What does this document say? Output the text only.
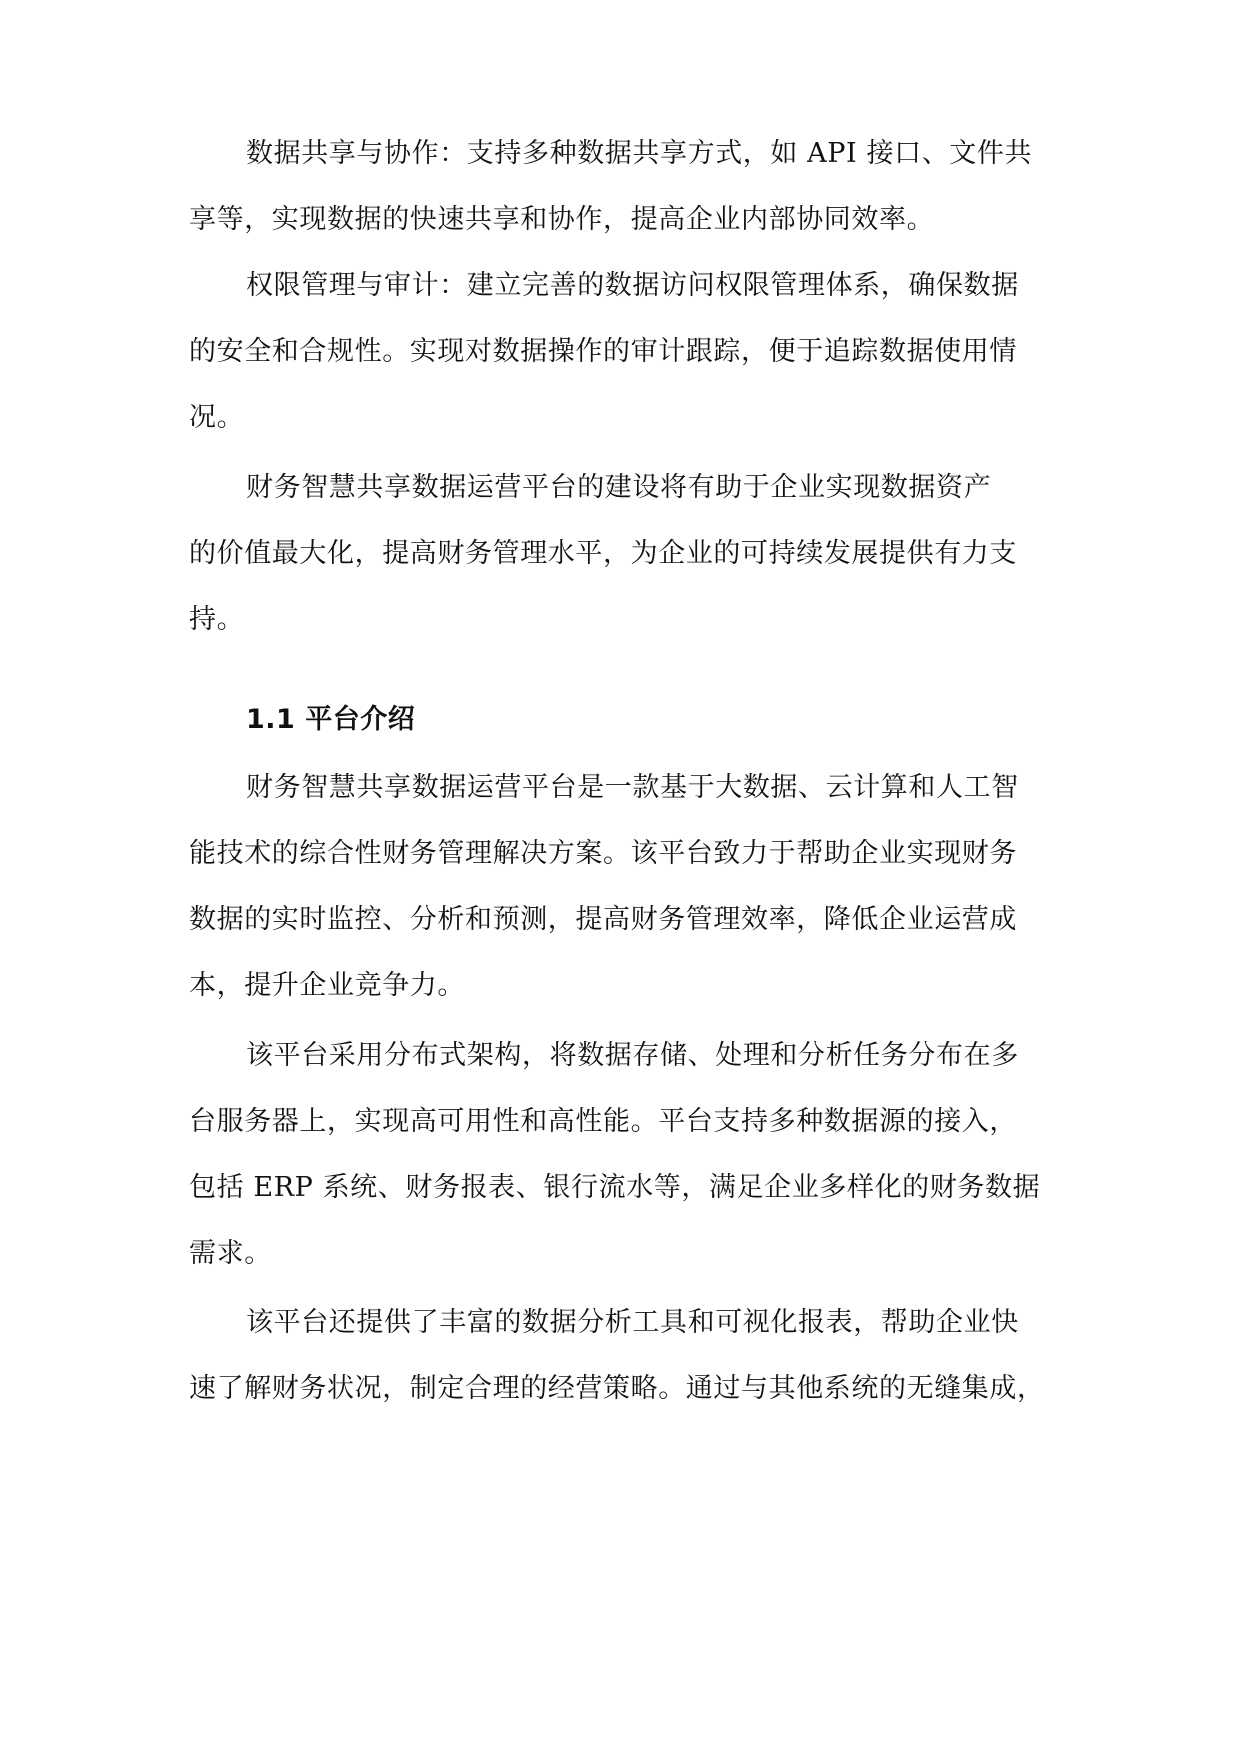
数据共享与协作：支持多种数据共享方式，如 API 接口、文件共
享等，实现数据的快速共享和协作，提高企业内部协同效率。
权限管理与审计：建立完善的数据访问权限管理体系，确保数据
的安全和合规性。实现对数据操作的审计跟踪，便于追踪数据使用情
况。
财务智慧共享数据运营平台的建设将有助于企业实现数据资产
的价值最大化，提高财务管理水平，为企业的可持续发展提供有力支
持。
1.1 平台介绍
财务智慧共享数据运营平台是一款基于大数据、云计算和人工智
能技术的综合性财务管理解决方案。该平台致力于帮助企业实现财务
数据的实时监控、分析和预测，提高财务管理效率，降低企业运营成
本，提升企业竞争力。
该平台采用分布式架构，将数据存储、处理和分析任务分布在多
台服务器上，实现高可用性和高性能。平台支持多种数据源的接入，
包括 ERP 系统、财务报表、银行流水等，满足企业多样化的财务数据
需求。
该平台还提供了丰富的数据分析工具和可视化报表，帮助企业快
速了解财务状况，制定合理的经营策略。通过与其他系统的无缝集成，
